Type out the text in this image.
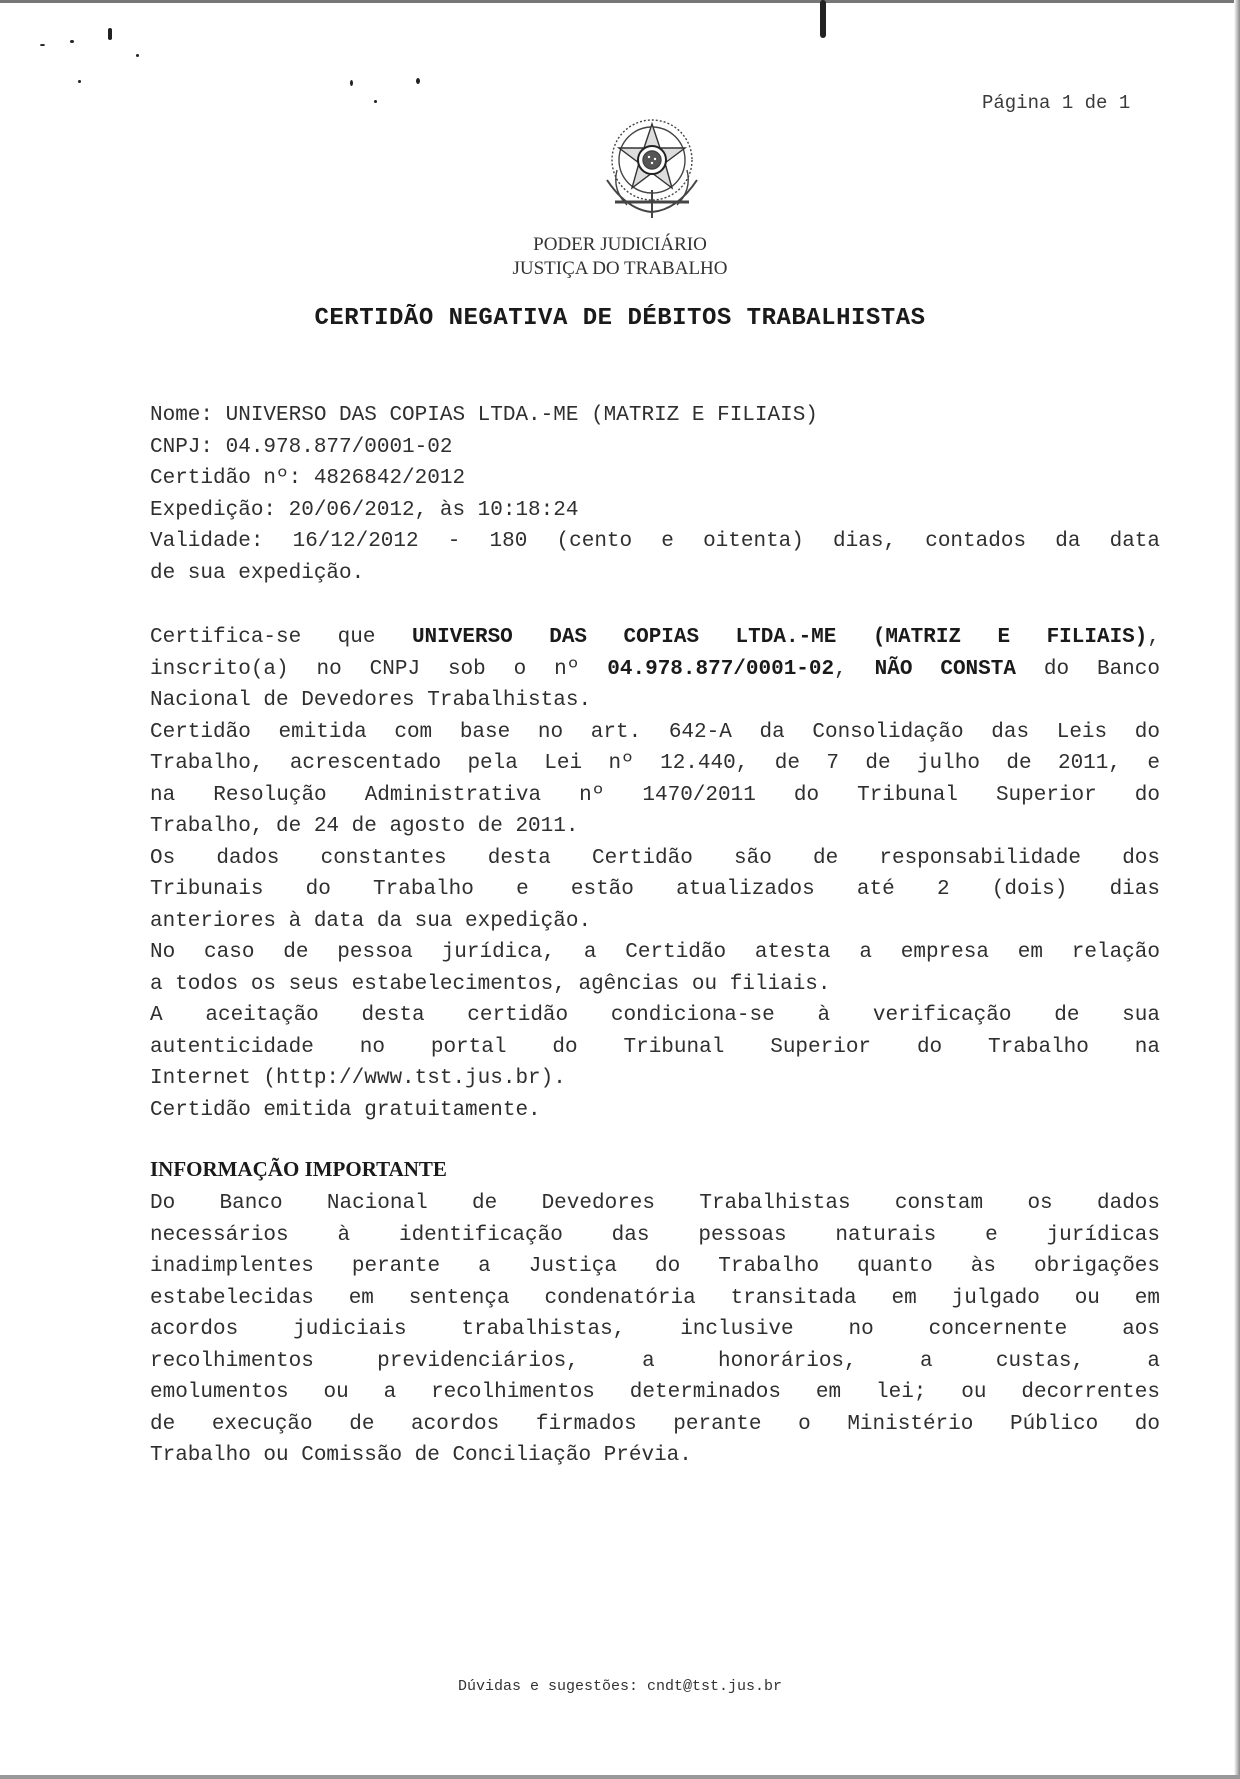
Página 1 de 1
PODER JUDICIÁRIO
JUSTIÇA DO TRABALHO
CERTIDÃO NEGATIVA DE DÉBITOS TRABALHISTAS
Nome: UNIVERSO DAS COPIAS LTDA.-ME (MATRIZ E FILIAIS)
CNPJ: 04.978.877/0001-02
Certidão nº: 4826842/2012
Expedição: 20/06/2012, às 10:18:24
Validade: 16/12/2012 - 180 (cento e oitenta) dias, contados da data
de sua expedição.
Certifica-se que UNIVERSO DAS COPIAS LTDA.-ME (MATRIZ E FILIAIS),
inscrito(a) no CNPJ sob o nº 04.978.877/0001-02, NÃO CONSTA do Banco
Nacional de Devedores Trabalhistas.
Certidão emitida com base no art. 642-A da Consolidação das Leis do
Trabalho, acrescentado pela Lei nº 12.440, de 7 de julho de 2011, e
na Resolução Administrativa nº 1470/2011 do Tribunal Superior do
Trabalho, de 24 de agosto de 2011.
Os dados constantes desta Certidão são de responsabilidade dos
Tribunais do Trabalho e estão atualizados até 2 (dois) dias
anteriores à data da sua expedição.
No caso de pessoa jurídica, a Certidão atesta a empresa em relação
a todos os seus estabelecimentos, agências ou filiais.
A aceitação desta certidão condiciona-se à verificação de sua
autenticidade no portal do Tribunal Superior do Trabalho na
Internet (http://www.tst.jus.br).
Certidão emitida gratuitamente.
INFORMAÇÃO IMPORTANTE
Do Banco Nacional de Devedores Trabalhistas constam os dados
necessários à identificação das pessoas naturais e jurídicas
inadimplentes perante a Justiça do Trabalho quanto às obrigações
estabelecidas em sentença condenatória transitada em julgado ou em
acordos judiciais trabalhistas, inclusive no concernente aos
recolhimentos previdenciários, a honorários, a custas, a
emolumentos ou a recolhimentos determinados em lei; ou decorrentes
de execução de acordos firmados perante o Ministério Público do
Trabalho ou Comissão de Conciliação Prévia.
Dúvidas e sugestões: cndt@tst.jus.br
